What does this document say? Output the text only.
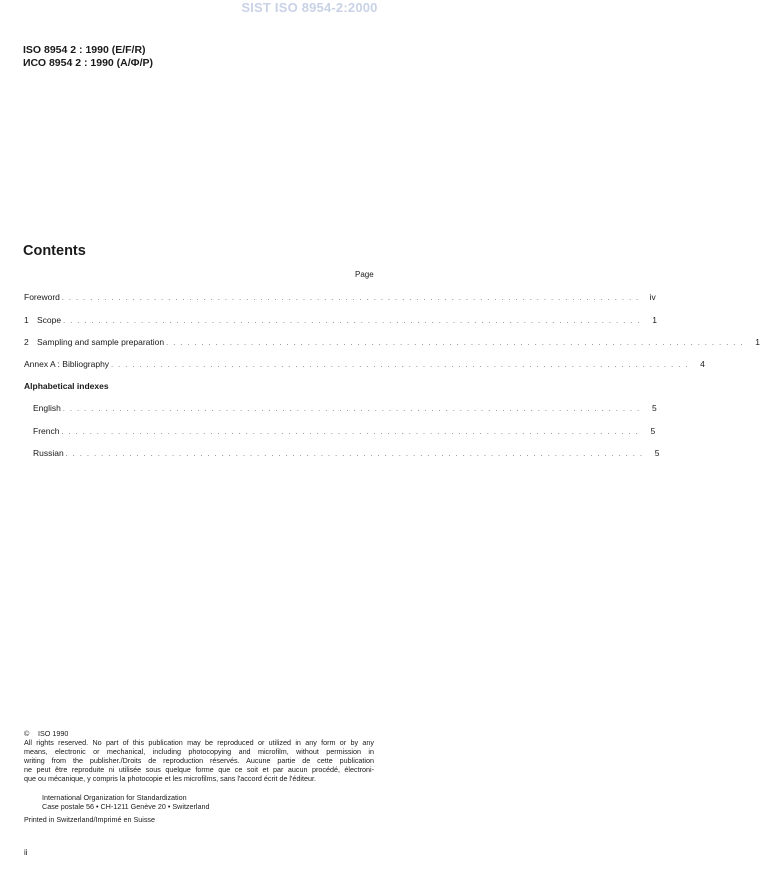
SIST ISO 8954-2:2000
ISO 8954 2 : 1990 (E/F/R)
ИСО 8954 2 : 1990 (А/Ф/Р)
Contents
Page
Foreword . . . . . . . . . . . . . . . . . . . . . . . . . . . . . . . . . . . . . . . . . . . . . . . . . . . . . . . . . . . . . . . . . . . . . . . . . . . . . . . . . .	iv
1 Scope . . . . . . . . . . . . . . . . . . . . . . . . . . . . . . . . . . . . . . . . . . . . . . . . . . . . . . . . . . . . . . . . . . . . . . . . . . . . . . . . . .	1
2 Sampling and sample preparation . . . . . . . . . . . . . . . . . . . . . . . . . . . . . . . . . . . . . . . . . . . . . . . . . . . . . . . . . . . . . . . . . . . . . . . . . . . . . . . . . .	1
Annex A : Bibliography . . . . . . . . . . . . . . . . . . . . . . . . . . . . . . . . . . . . . . . . . . . . . . . . . . . . . . . . . . . . . . . . . . . . . . . . . . . . . . . . . .	4
Alphabetical indexes
English . . . . . . . . . . . . . . . . . . . . . . . . . . . . . . . . . . . . . . . . . . . . . . . . . . . . . . . . . . . . . . . . . . . . . . . . . . . . . . . . . .	5
French . . . . . . . . . . . . . . . . . . . . . . . . . . . . . . . . . . . . . . . . . . . . . . . . . . . . . . . . . . . . . . . . . . . . . . . . . . . . . . . . . .	5
Russian . . . . . . . . . . . . . . . . . . . . . . . . . . . . . . . . . . . . . . . . . . . . . . . . . . . . . . . . . . . . . . . . . . . . . . . . . . . . . . . . . .	5
© ISO 1990
All rights reserved. No part of this publication may be reproduced or utilized in any form or by any
means, electronic or mechanical, including photocopying and microfilm, without permission in
writing from the publisher./Droits de reproduction réservés. Aucune partie de cette publication
ne peut être reproduite ni utilisée sous quelque forme que ce soit et par aucun procédé, électroni-
que ou mécanique, y compris la photocopie et les microfilms, sans l'accord écrit de l'éditeur.
International Organization for Standardization
Case postale 56 • CH-1211 Genève 20 • Switzerland
Printed in Switzerland/Imprimé en Suisse
ii
